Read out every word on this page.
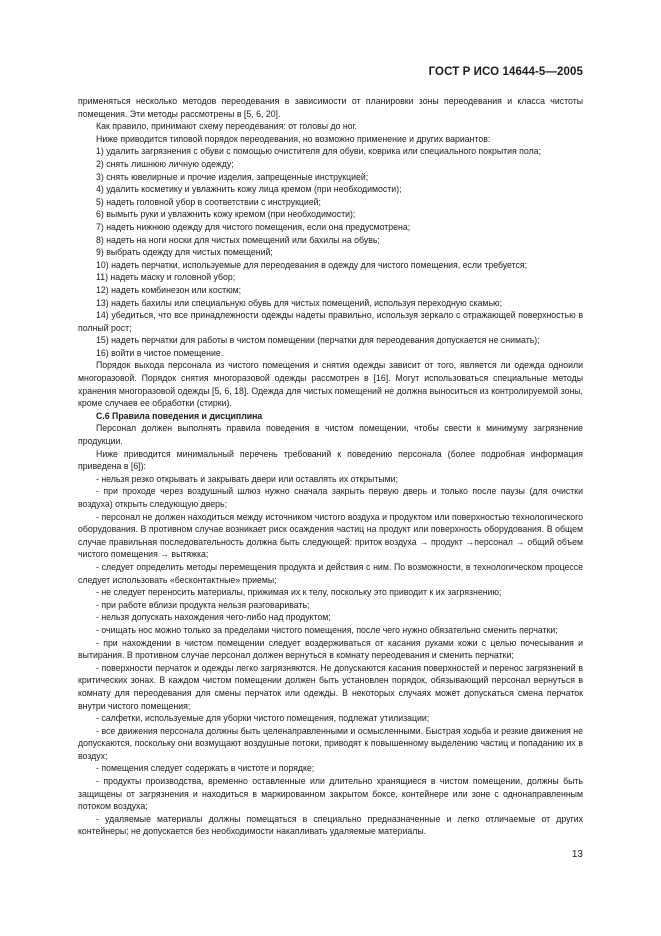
ГОСТ Р ИСО 14644-5—2005

применяться несколько методов переодевания в зависимости от планировки зоны переодевания и класса чистоты помещения. Эти методы рассмотрены в [5, 6, 20].

Как правило, принимают схему переодевания: от головы до ног.

Ниже приводится типовой порядок переодевания, но возможно применение и других вариантов:

1) удалить загрязнения с обуви с помощью очистителя для обуви, коврика или специального покрытия пола;

2) снять лишнюю личную одежду;

3) снять ювелирные и прочие изделия, запрещенные инструкцией;

4) удалить косметику и увлажнить кожу лица кремом (при необходимости);

5) надеть головной убор в соответствии с инструкцией;

6) вымыть руки и увлажнить кожу кремом (при необходимости);

7) надеть нижнюю одежду для чистого помещения, если она предусмотрена;

8) надеть на ноги носки для чистых помещений или бахилы на обувь;

9) выбрать одежду для чистых помещений;

10) надеть перчатки, используемые для переодевания в одежду для чистого помещения, если требуется;

11) надеть маску и головной убор;

12) надеть комбинезон или костюм;

13) надеть бахилы или специальную обувь для чистых помещений, используя переходную скамью;

14) убедиться, что все принадлежности одежды надеты правильно, используя зеркало с отражающей поверхностью в полный рост;

15) надеть перчатки для работы в чистом помещении (перчатки для переодевания допускается не снимать);

16) войти в чистое помещение.

Порядок выхода персонала из чистого помещения и снятия одежды зависит от того, является ли одежда одноили многоразовой. Порядок снятия многоразовой одежды рассмотрен в [16]. Могут использоваться специальные методы хранения многоразовой одежды [5, 6, 18]. Одежда для чистых помещений не должна выноситься из контролируемой зоны, кроме случаев ее обработки (стирки).

С.6 Правила поведения и дисциплина

Персонал должен выполнять правила поведения в чистом помещении, чтобы свести к минимуму загрязнение продукции.

Ниже приводится минимальный перечень требований к поведению персонала (более подробная информация приведена в [6]):

- нельзя резко открывать и закрывать двери или оставлять их открытыми;

- при проходе через воздушный шлюз нужно сначала закрыть первую дверь и только после паузы (для очистки воздуха) открыть следующую дверь;

- персонал не должен находиться между источником чистого воздуха и продуктом или поверхностью технологического оборудования. В противном случае возникает риск осаждения частиц на продукт или поверхность оборудования. В общем случае правильная последовательность должна быть следующей: приток воздуха → продукт →персонал → общий объем чистого помещения → вытяжка;

- следует определить методы перемещения продукта и действия с ним. По возможности, в технологическом процессе следует использовать «бесконтактные» приемы;

- не следует переносить материалы, прижимая их к телу, поскольку это приводит к их загрязнению;

- при работе вблизи продукта нельзя разговаривать;

- нельзя допускать нахождения чего-либо над продуктом;

- очищать нос можно только за пределами чистого помещения, после чего нужно обязательно сменить перчатки;

- при нахождении в чистом помещении следует воздерживаться от касания руками кожи с целью почесывания и вытирания. В противном случае персонал должен вернуться в комнату переодевания и сменить перчатки;

- поверхности перчаток и одежды легко загрязняются. Не допускаются касания поверхностей и перенос загрязнений в критических зонах. В каждом чистом помещении должен быть установлен порядок, обязывающий персонал вернуться в комнату для переодевания для смены перчаток или одежды. В некоторых случаях может допускаться смена перчаток внутри чистого помещения;

- салфетки, используемые для уборки чистого помещения, подлежат утилизации;

- все движения персонала должны быть целенаправленными и осмысленными. Быстрая ходьба и резкие движения не допускаются, поскольку они возмущают воздушные потоки, приводят к повышенному выделению частиц и попаданию их в воздух;

- помещения следует содержать в чистоте и порядке;

- продукты производства, временно оставленные или длительно хранящиеся в чистом помещении, должны быть защищены от загрязнения и находиться в маркированном закрытом боксе, контейнере или зоне с однонаправленным потоком воздуха;

- удаляемые материалы должны помещаться в специально предназначенные и легко отличаемые от других контейнеры; не допускается без необходимости накапливать удаляемые материалы.

13
